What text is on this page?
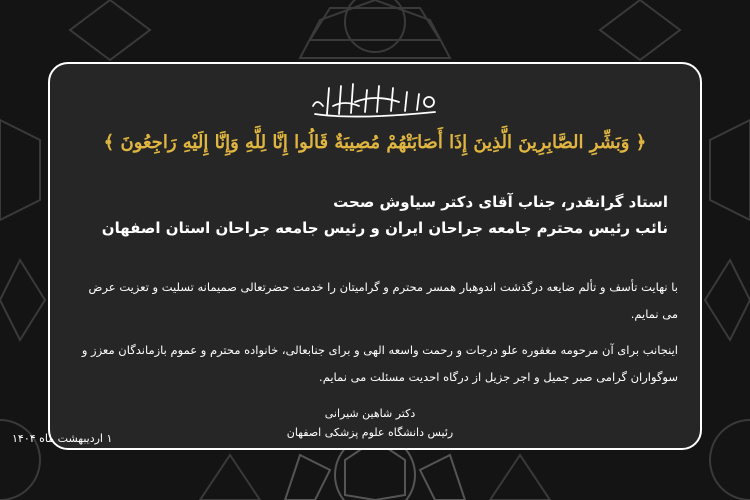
﴿ وَبَشِّرِ الصَّابِرِينَ الَّذِينَ إِذَا أَصَابَتْهُمْ مُصِيبَةٌ قَالُوا إِنَّا لِلَّهِ وَإِنَّا إِلَيْهِ رَاجِعُونَ ﴾
استاد گرانقدر، جناب آقای دکتر سیاوش صحت
نائب رئیس محترم جامعه جراحان ایران و رئیس جامعه جراحان استان اصفهان
با نهایت تأسف و تألم ضایعه درگذشت اندوهبار همسر محترم و گرامیتان را خدمت حضرتعالی صمیمانه تسلیت و تعزیت عرض می نمایم.
اینجانب برای آن مرحومه مغفوره علو درجات و رحمت واسعه الهی و برای جنابعالی، خانواده محترم و عموم بازماندگان معزز و سوگواران گرامی صبر جمیل و اجر جزیل از درگاه احدیت مسئلت می نمایم.
دکتر شاهین شیرانی
رئیس دانشگاه علوم پزشکی اصفهان
۱ اردیبهشت ماه ۱۴۰۴
